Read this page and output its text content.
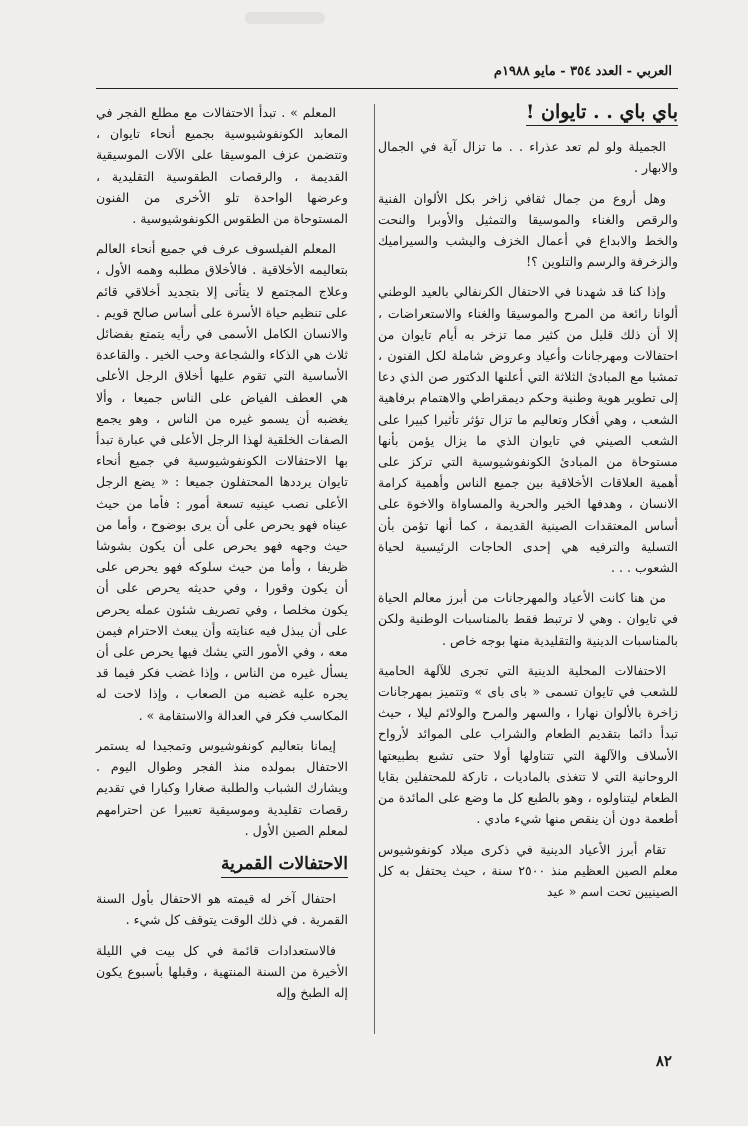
العربي - العدد ٣٥٤ - مايو ١٩٨٨م
باي باي . . تايوان !

الجميلة ولو لم تعد عذراء . . ما تزال آية في الجمال والابهار .

وهل أروع من جمال ثقافي زاخر بكل الألوان الفنية والرقص والغناء والموسيقا والتمثيل والأوبرا والنحت والخط والابداع في أعمال الخزف واليشب والسيراميك والزخرفة والرسم والتلوين ؟!

وإذا كنا قد شهدنا في الاحتفال الكرنفالي بالعيد الوطني ألوانا رائعة من المرح والموسيقا والغناء والاستعراضات ، إلا أن ذلك قليل من كثير مما تزخر به أيام تايوان من احتفالات ومهرجانات وأعياد وعروض شاملة لكل الفنون ، تمشيا مع المبادئ الثلاثة التي أعلنها الدكتور صن الذي دعا إلى تطوير هوية وطنية وحكم ديمقراطي والاهتمام برفاهية الشعب ، وهي أفكار وتعاليم ما تزال تؤثر تأثيرا كبيرا على الشعب الصيني في تايوان الذي ما يزال يؤمن بأنها مستوحاة من المبادئ الكونفوشيوسية التي تركز على أهمية العلاقات الأخلاقية بين جميع الناس وأهمية كرامة الانسان ، وهدفها الخير والحرية والمساواة والاخوة على أساس المعتقدات الصينية القديمة ، كما أنها تؤمن بأن التسلية والترفيه هي إحدى الحاجات الرئيسية لحياة الشعوب . . .

من هنا كانت الأعياد والمهرجانات من أبرز معالم الحياة في تايوان . وهي لا ترتبط فقط بالمناسبات الوطنية ولكن بالمناسبات الدينية والتقليدية منها بوجه خاص .

الاحتفالات المحلية الدينية التي تجرى للآلهة الحامية للشعب في تايوان تسمى « باى باى » وتتميز بمهرجانات زاخرة بالألوان نهارا ، والسهر والمرح والولائم ليلا ، حيث تبدأ دائما بتقديم الطعام والشراب على الموائد لأرواح الأسلاف والآلهة التي تتناولها أولا حتى تشبع بطبيعتها الروحانية التي لا تتغذى بالماديات ، تاركة للمحتفلين بقايا الطعام ليتناولوه ، وهو بالطبع كل ما وضع على المائدة من أطعمة دون أن ينقص منها شيء مادي .

تقام أبرز الأعياد الدينية في ذكرى ميلاد كونفوشيوس معلم الصين العظيم منذ ٢٥٠٠ سنة ، حيث يحتفل به كل الصينيين تحت اسم « عيد

المعلم » . تبدأ الاحتفالات مع مطلع الفجر في المعابد الكونفوشيوسية بجميع أنحاء تايوان ، وتتضمن عزف الموسيقا على الآلات الموسيقية القديمة ، والرقصات الطقوسية التقليدية ، وعرضها الواحدة تلو الأخرى من الفنون المستوحاة من الطقوس الكونفوشيوسية .

المعلم الفيلسوف عرف في جميع أنحاء العالم بتعاليمه الأخلاقية . فالأخلاق مطلبه وهمه الأول ، وعلاج المجتمع لا يتأتى إلا بتجديد أخلاقي قائم على تنظيم حياة الأسرة على أساس صالح قويم . والانسان الكامل الأسمى في رأيه يتمتع بفضائل ثلاث هي الذكاء والشجاعة وحب الخير . والقاعدة الأساسية التي تقوم عليها أخلاق الرجل الأعلى هي العطف الفياض على الناس جميعا ، وألا يغضبه أن يسمو غيره من الناس ، وهو يجمع الصفات الخلقية لهذا الرجل الأعلى في عبارة تبدأ بها الاحتفالات الكونفوشيوسية في جميع أنحاء تايوان يرددها المحتفلون جميعا : « يضع الرجل الأعلى نصب عينيه تسعة أمور : فأما من حيث عيناه فهو يحرص على أن يرى بوضوح ، وأما من حيث وجهه فهو يحرص على أن يكون بشوشا ظريفا ، وأما من حيث سلوكه فهو يحرص على أن يكون وقورا ، وفي حديثه يحرص على أن يكون مخلصا ، وفي تصريف شئون عمله يحرص على أن يبذل فيه عنايته وأن يبعث الاحترام فيمن معه ، وفي الأمور التي يشك فيها يحرص على أن يسأل غيره من الناس ، وإذا غضب فكر فيما قد يجره عليه غضبه من الصعاب ، وإذا لاحت له المكاسب فكر في العدالة والاستقامة » .

إيمانا بتعاليم كونفوشيوس وتمجيدا له يستمر الاحتفال بمولده منذ الفجر وطوال اليوم . ويشارك الشباب والطلبة صغارا وكبارا في تقديم رقصات تقليدية وموسيقية تعبيرا عن احترامهم لمعلم الصين الأول .

الاحتفالات القمرية

احتفال آخر له قيمته هو الاحتفال بأول السنة القمرية . في ذلك الوقت يتوقف كل شيء .

فالاستعدادات قائمة في كل بيت في الليلة الأخيرة من السنة المنتهية ، وقبلها بأسبوع يكون إله الطبخ وإله

٨٢
